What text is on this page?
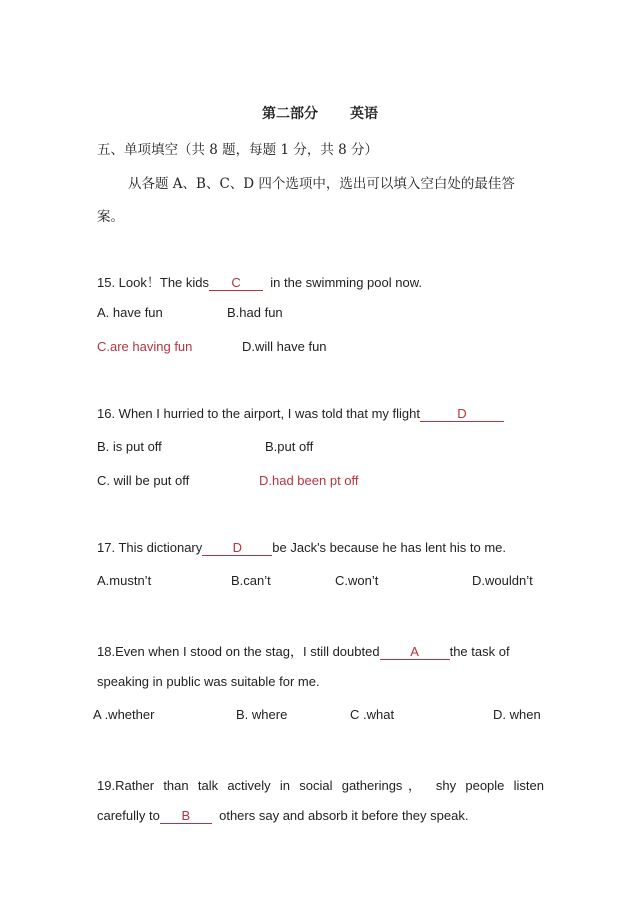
第二部分 英语
五、单项填空（共 8 题，每题 1 分，共 8 分）
从各题 A、B、C、D 四个选项中，选出可以填入空白处的最佳答
案。
15. Look！The kids C in the swimming pool now.
A. have fun	B.had fun
C.are having fun	D.will have fun
16. When I hurried to the airport, I was told that my flight	D
B. is put off	B.put off
C. will be put off	D.had been pt off
17. This dictionary D be Jack's because he has lent his to me.
A.mustn’t	B.can’t	C.won’t	D.wouldn’t
18.Even when I stood on the stag，I still doubted A the task of
speaking in public was suitable for me.
A .whether	B. where	C .what	D. when
19.Rather than talk actively in social gatherings， shy people listen
carefully to B others say and absorb it before they speak.
